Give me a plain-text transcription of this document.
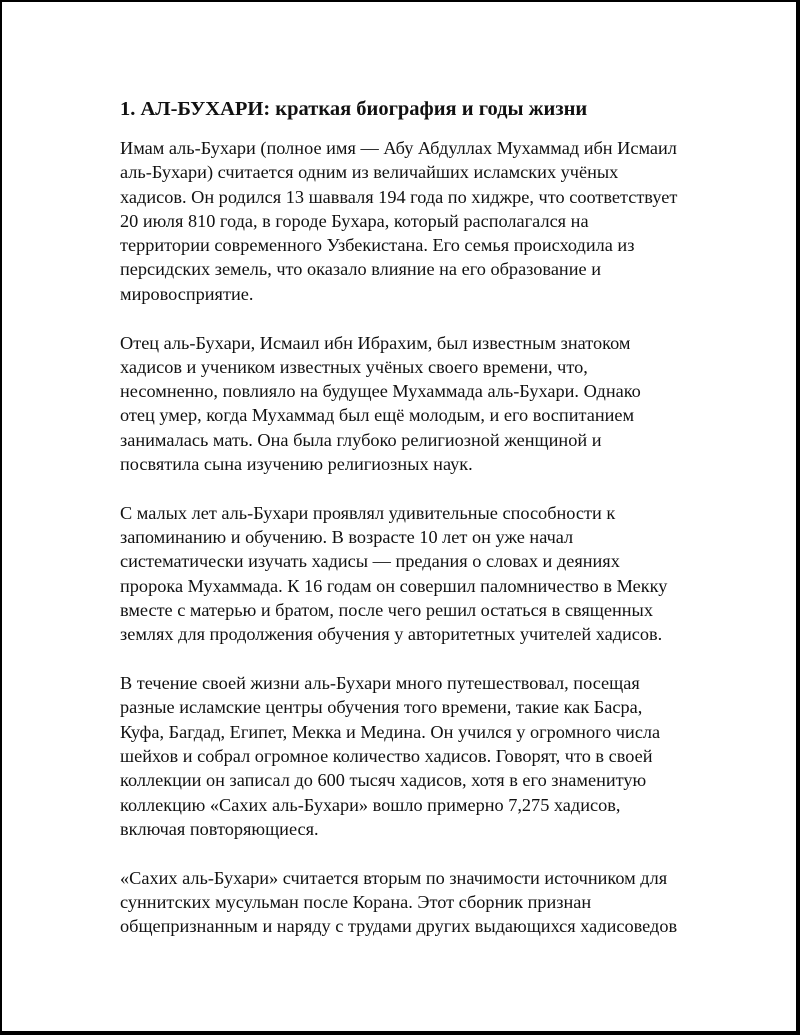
1. АЛ-БУХАРИ: краткая биография и годы жизни
Имам аль-Бухари (полное имя — Абу Абдуллах Мухаммад ибн Исмаил
аль-Бухари) считается одним из величайших исламских учёных
хадисов. Он родился 13 шавваля 194 года по хиджре, что соответствует
20 июля 810 года, в городе Бухара, который располагался на
территории современного Узбекистана. Его семья происходила из
персидских земель, что оказало влияние на его образование и
мировосприятие.
Отец аль-Бухари, Исмаил ибн Ибрахим, был известным знатоком
хадисов и учеником известных учёных своего времени, что,
несомненно, повлияло на будущее Мухаммада аль-Бухари. Однако
отец умер, когда Мухаммад был ещё молодым, и его воспитанием
занималась мать. Она была глубоко религиозной женщиной и
посвятила сына изучению религиозных наук.
С малых лет аль-Бухари проявлял удивительные способности к
запоминанию и обучению. В возрасте 10 лет он уже начал
систематически изучать хадисы — предания о словах и деяниях
пророка Мухаммада. К 16 годам он совершил паломничество в Мекку
вместе с матерью и братом, после чего решил остаться в священных
землях для продолжения обучения у авторитетных учителей хадисов.
В течение своей жизни аль-Бухари много путешествовал, посещая
разные исламские центры обучения того времени, такие как Басра,
Куфа, Багдад, Египет, Мекка и Медина. Он учился у огромного числа
шейхов и собрал огромное количество хадисов. Говорят, что в своей
коллекции он записал до 600 тысяч хадисов, хотя в его знаменитую
коллекцию «Сахих аль-Бухари» вошло примерно 7,275 хадисов,
включая повторяющиеся.
«Сахих аль-Бухари» считается вторым по значимости источником для
суннитских мусульман после Корана. Этот сборник признан
общепризнанным и наряду с трудами других выдающихся хадисоведов
